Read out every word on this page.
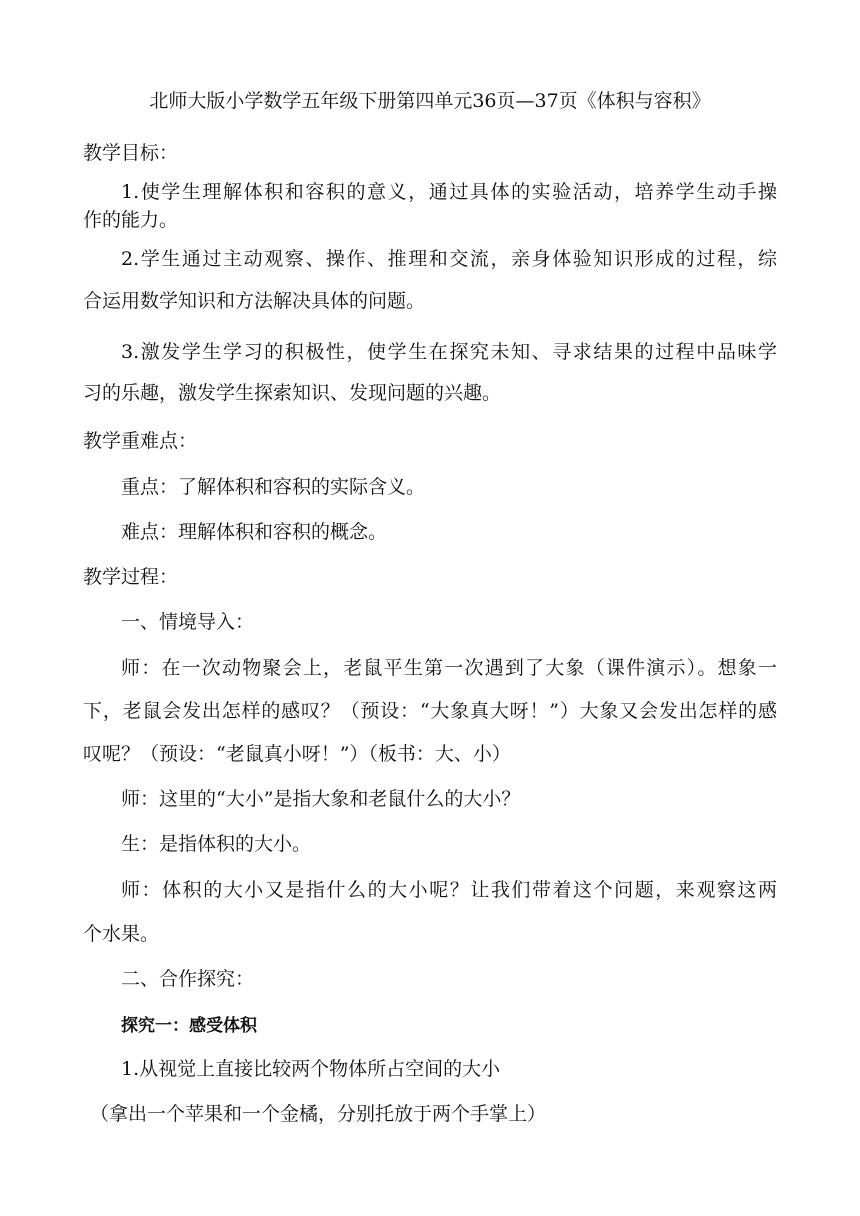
北师大版小学数学五年级下册第四单元36页—37页《体积与容积》
教学目标：
1.使学生理解体积和容积的意义，通过具体的实验活动，培养学生动手操
作的能力。
2.学生通过主动观察、操作、推理和交流，亲身体验知识形成的过程，综
合运用数学知识和方法解决具体的问题。
3.激发学生学习的积极性，使学生在探究未知、寻求结果的过程中品味学
习的乐趣，激发学生探索知识、发现问题的兴趣。
教学重难点：
重点：了解体积和容积的实际含义。
难点：理解体积和容积的概念。
教学过程：
一、情境导入：
师：在一次动物聚会上，老鼠平生第一次遇到了大象（课件演示）。想象一
下，老鼠会发出怎样的感叹？（预设：“大象真大呀！”）大象又会发出怎样的感
叹呢？（预设：“老鼠真小呀！”）（板书：大、小）
师：这里的“大小”是指大象和老鼠什么的大小？
生：是指体积的大小。
师：体积的大小又是指什么的大小呢？让我们带着这个问题，来观察这两
个水果。
二、合作探究：
探究一：感受体积
1.从视觉上直接比较两个物体所占空间的大小
（拿出一个苹果和一个金橘，分别托放于两个手掌上）
